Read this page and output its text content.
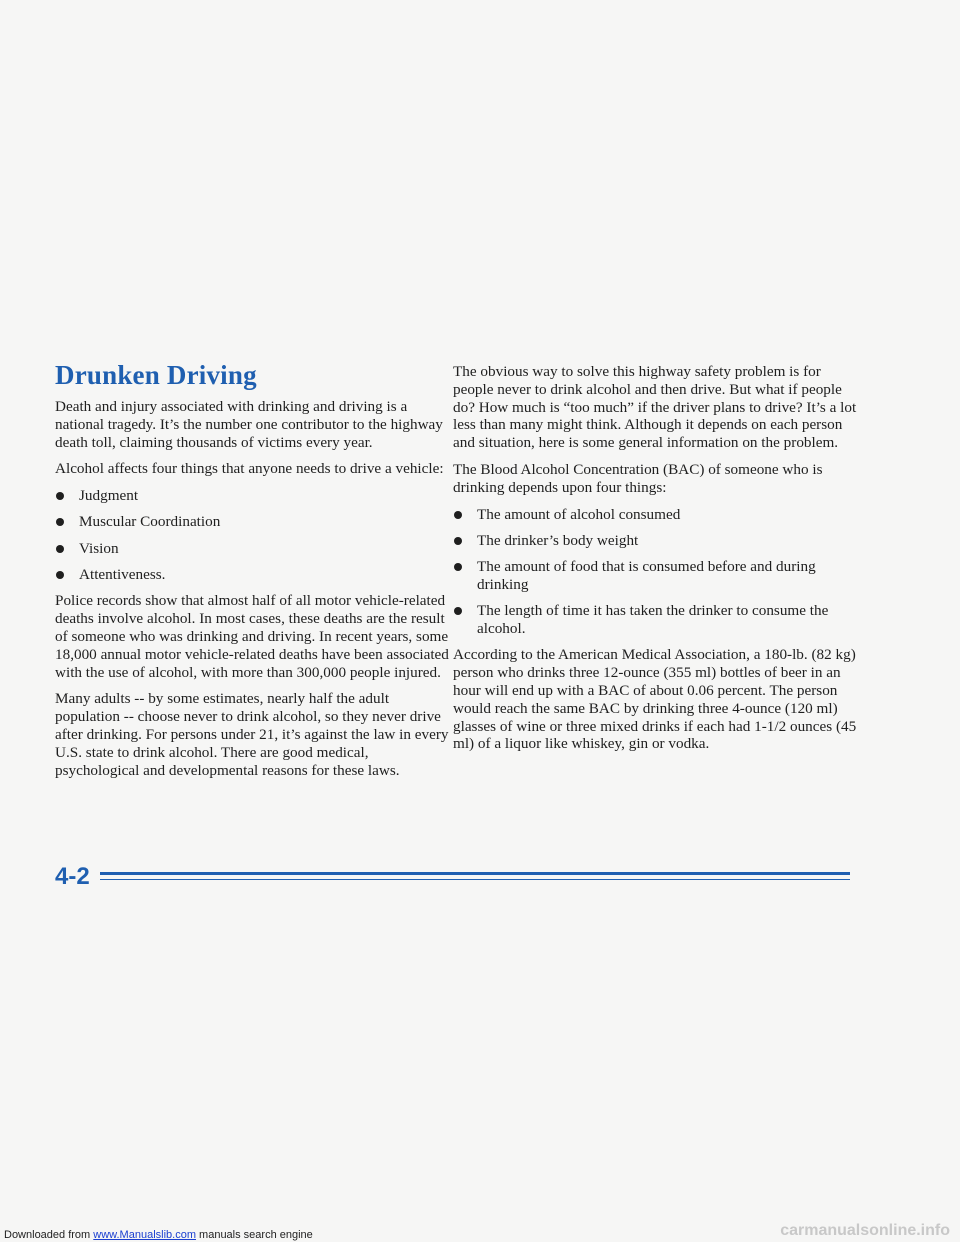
Drunken Driving

Death and injury associated with drinking and driving is a national tragedy. It’s the number one contributor to the highway death toll, claiming thousands of victims every year.

Alcohol affects four things that anyone needs to drive a vehicle:

Judgment
Muscular Coordination
Vision
Attentiveness.

Police records show that almost half of all motor vehicle-related deaths involve alcohol. In most cases, these deaths are the result of someone who was drinking and driving. In recent years, some 18,000 annual motor vehicle-related deaths have been associated with the use of alcohol, with more than 300,000 people injured.

Many adults -- by some estimates, nearly half the adult population -- choose never to drink alcohol, so they never drive after drinking. For persons under 21, it’s against the law in every U.S. state to drink alcohol. There are good medical, psychological and developmental reasons for these laws.

The obvious way to solve this highway safety problem is for people never to drink alcohol and then drive. But what if people do? How much is “too much” if the driver plans to drive? It’s a lot less than many might think. Although it depends on each person and situation, here is some general information on the problem.

The Blood Alcohol Concentration (BAC) of someone who is drinking depends upon four things:

The amount of alcohol consumed
The drinker’s body weight
The amount of food that is consumed before and during drinking
The length of time it has taken the drinker to consume the alcohol.

According to the American Medical Association, a 180-lb. (82 kg) person who drinks three 12-ounce (355 ml) bottles of beer in an hour will end up with a BAC of about 0.06 percent. The person would reach the same BAC by drinking three 4-ounce (120 ml) glasses of wine or three mixed drinks if each had 1-1/2 ounces (45 ml) of a liquor like whiskey, gin or vodka.

4-2
Downloaded from www.Manualslib.com manuals search engine	carmanualsonline.info
